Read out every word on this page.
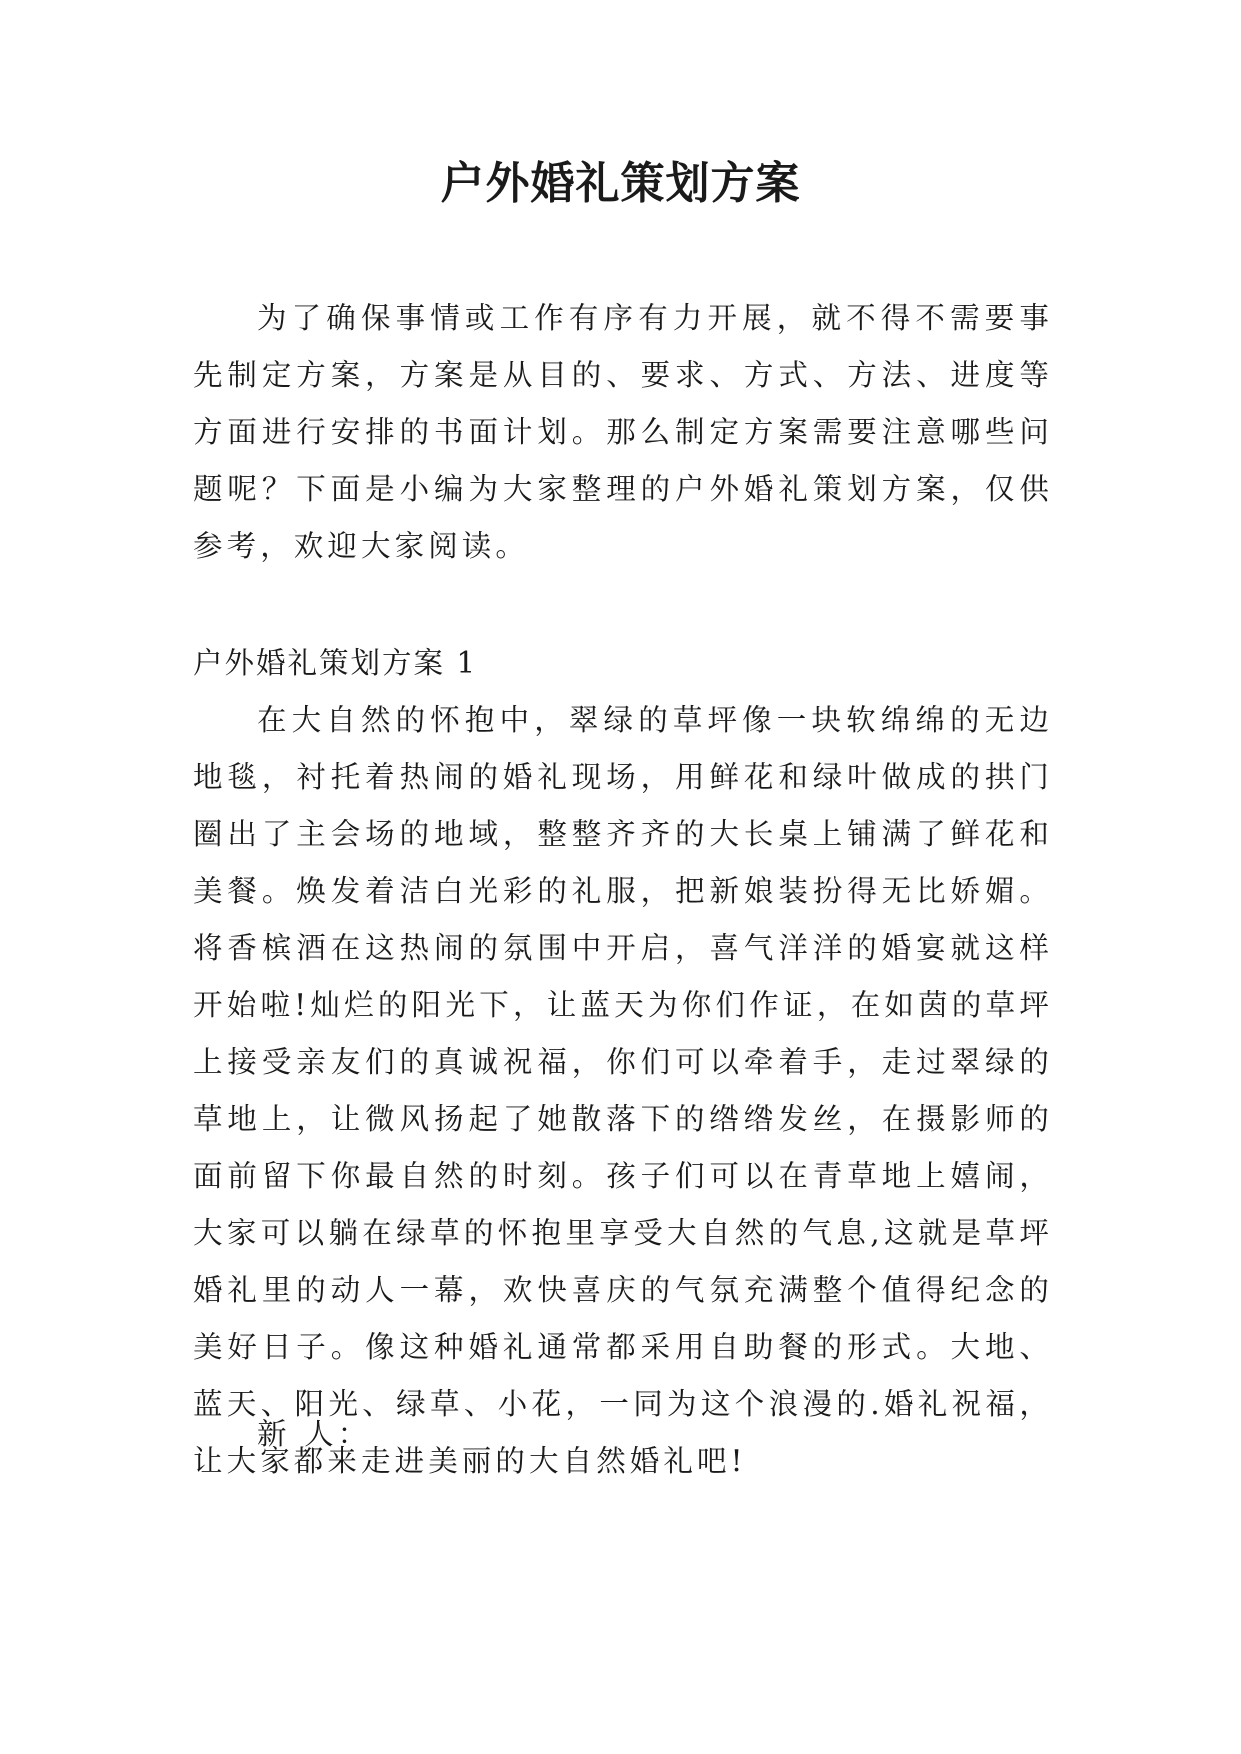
户外婚礼策划方案

为了确保事情或工作有序有力开展，就不得不需要事先制定方案，方案是从目的、要求、方式、方法、进度等方面进行安排的书面计划。那么制定方案需要注意哪些问题呢？下面是小编为大家整理的户外婚礼策划方案，仅供参考，欢迎大家阅读。

户外婚礼策划方案 1

在大自然的怀抱中，翠绿的草坪像一块软绵绵的无边地毯，衬托着热闹的婚礼现场，用鲜花和绿叶做成的拱门圈出了主会场的地域，整整齐齐的大长桌上铺满了鲜花和美餐。焕发着洁白光彩的礼服，把新娘装扮得无比娇媚。将香槟酒在这热闹的氛围中开启，喜气洋洋的婚宴就这样开始啦!灿烂的阳光下，让蓝天为你们作证，在如茵的草坪上接受亲友们的真诚祝福，你们可以牵着手，走过翠绿的草地上，让微风扬起了她散落下的绺绺发丝，在摄影师的面前留下你最自然的时刻。孩子们可以在青草地上嬉闹，大家可以躺在绿草的怀抱里享受大自然的气息,这就是草坪婚礼里的动人一幕，欢快喜庆的气氛充满整个值得纪念的美好日子。像这种婚礼通常都采用自助餐的形式。大地、蓝天、阳光、绿草、小花，一同为这个浪漫的.婚礼祝福，让大家都来走进美丽的大自然婚礼吧!

新 人：
